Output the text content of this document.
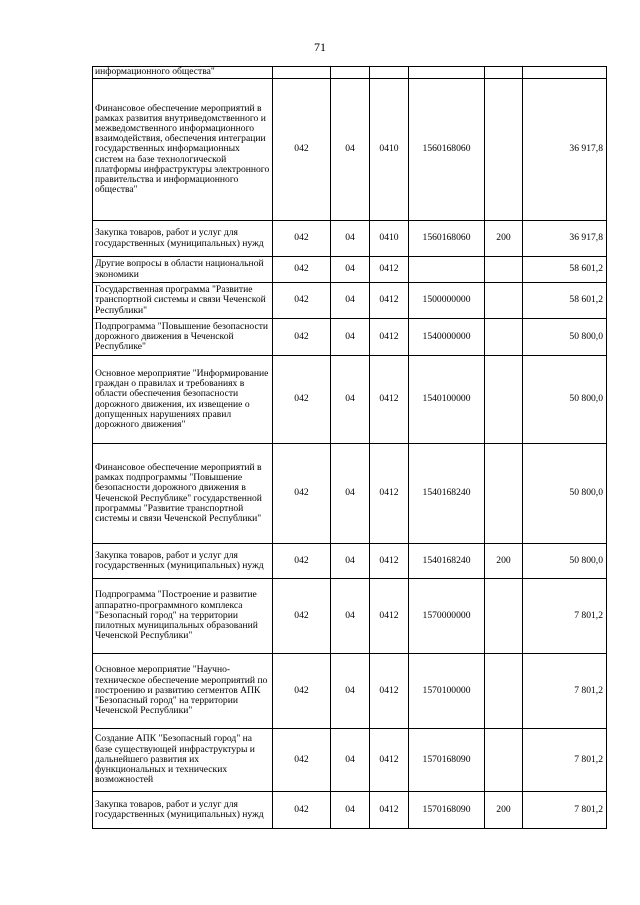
71
информационного общества"						
Финансовое обеспечение мероприятий в рамках развития внутриведомственного и межведомственного информационного взаимодействия, обеспечения интеграции государственных информационных систем на базе технологической платформы инфраструктуры электронного правительства и информационного общества"	042	04	0410	1560168060		36 917,8
Закупка товаров, работ и услуг для государственных (муниципальных) нужд	042	04	0410	1560168060	200	36 917,8
Другие вопросы в области национальной экономики	042	04	0412			58 601,2
Государственная программа "Развитие транспортной системы и связи Чеченской Республики"	042	04	0412	1500000000		58 601,2
Подпрограмма "Повышение безопасности дорожного движения в Чеченской Республике"	042	04	0412	1540000000		50 800,0
Основное мероприятие "Информирование граждан о правилах и требованиях в области обеспечения безопасности дорожного движения, их извещение о допущенных нарушениях правил дорожного движения"	042	04	0412	1540100000		50 800,0
Финансовое обеспечение мероприятий в рамках подпрограммы "Повышение безопасности дорожного движения в Чеченской Республике" государственной программы "Развитие транспортной системы и связи Чеченской Республики"	042	04	0412	1540168240		50 800,0
Закупка товаров, работ и услуг для государственных (муниципальных) нужд	042	04	0412	1540168240	200	50 800,0
Подпрограмма "Построение и развитие аппаратно-программного комплекса "Безопасный город" на территории пилотных муниципальных образований Чеченской Республики"	042	04	0412	1570000000		7 801,2
Основное мероприятие "Научно-техническое обеспечение мероприятий по построению и развитию сегментов АПК "Безопасный город" на территории Чеченской Республики"	042	04	0412	1570100000		7 801,2
Создание АПК "Безопасный город" на базе существующей инфраструктуры и дальнейшего развития их функциональных и технических возможностей	042	04	0412	1570168090		7 801,2
Закупка товаров, работ и услуг для государственных (муниципальных) нужд	042	04	0412	1570168090	200	7 801,2
